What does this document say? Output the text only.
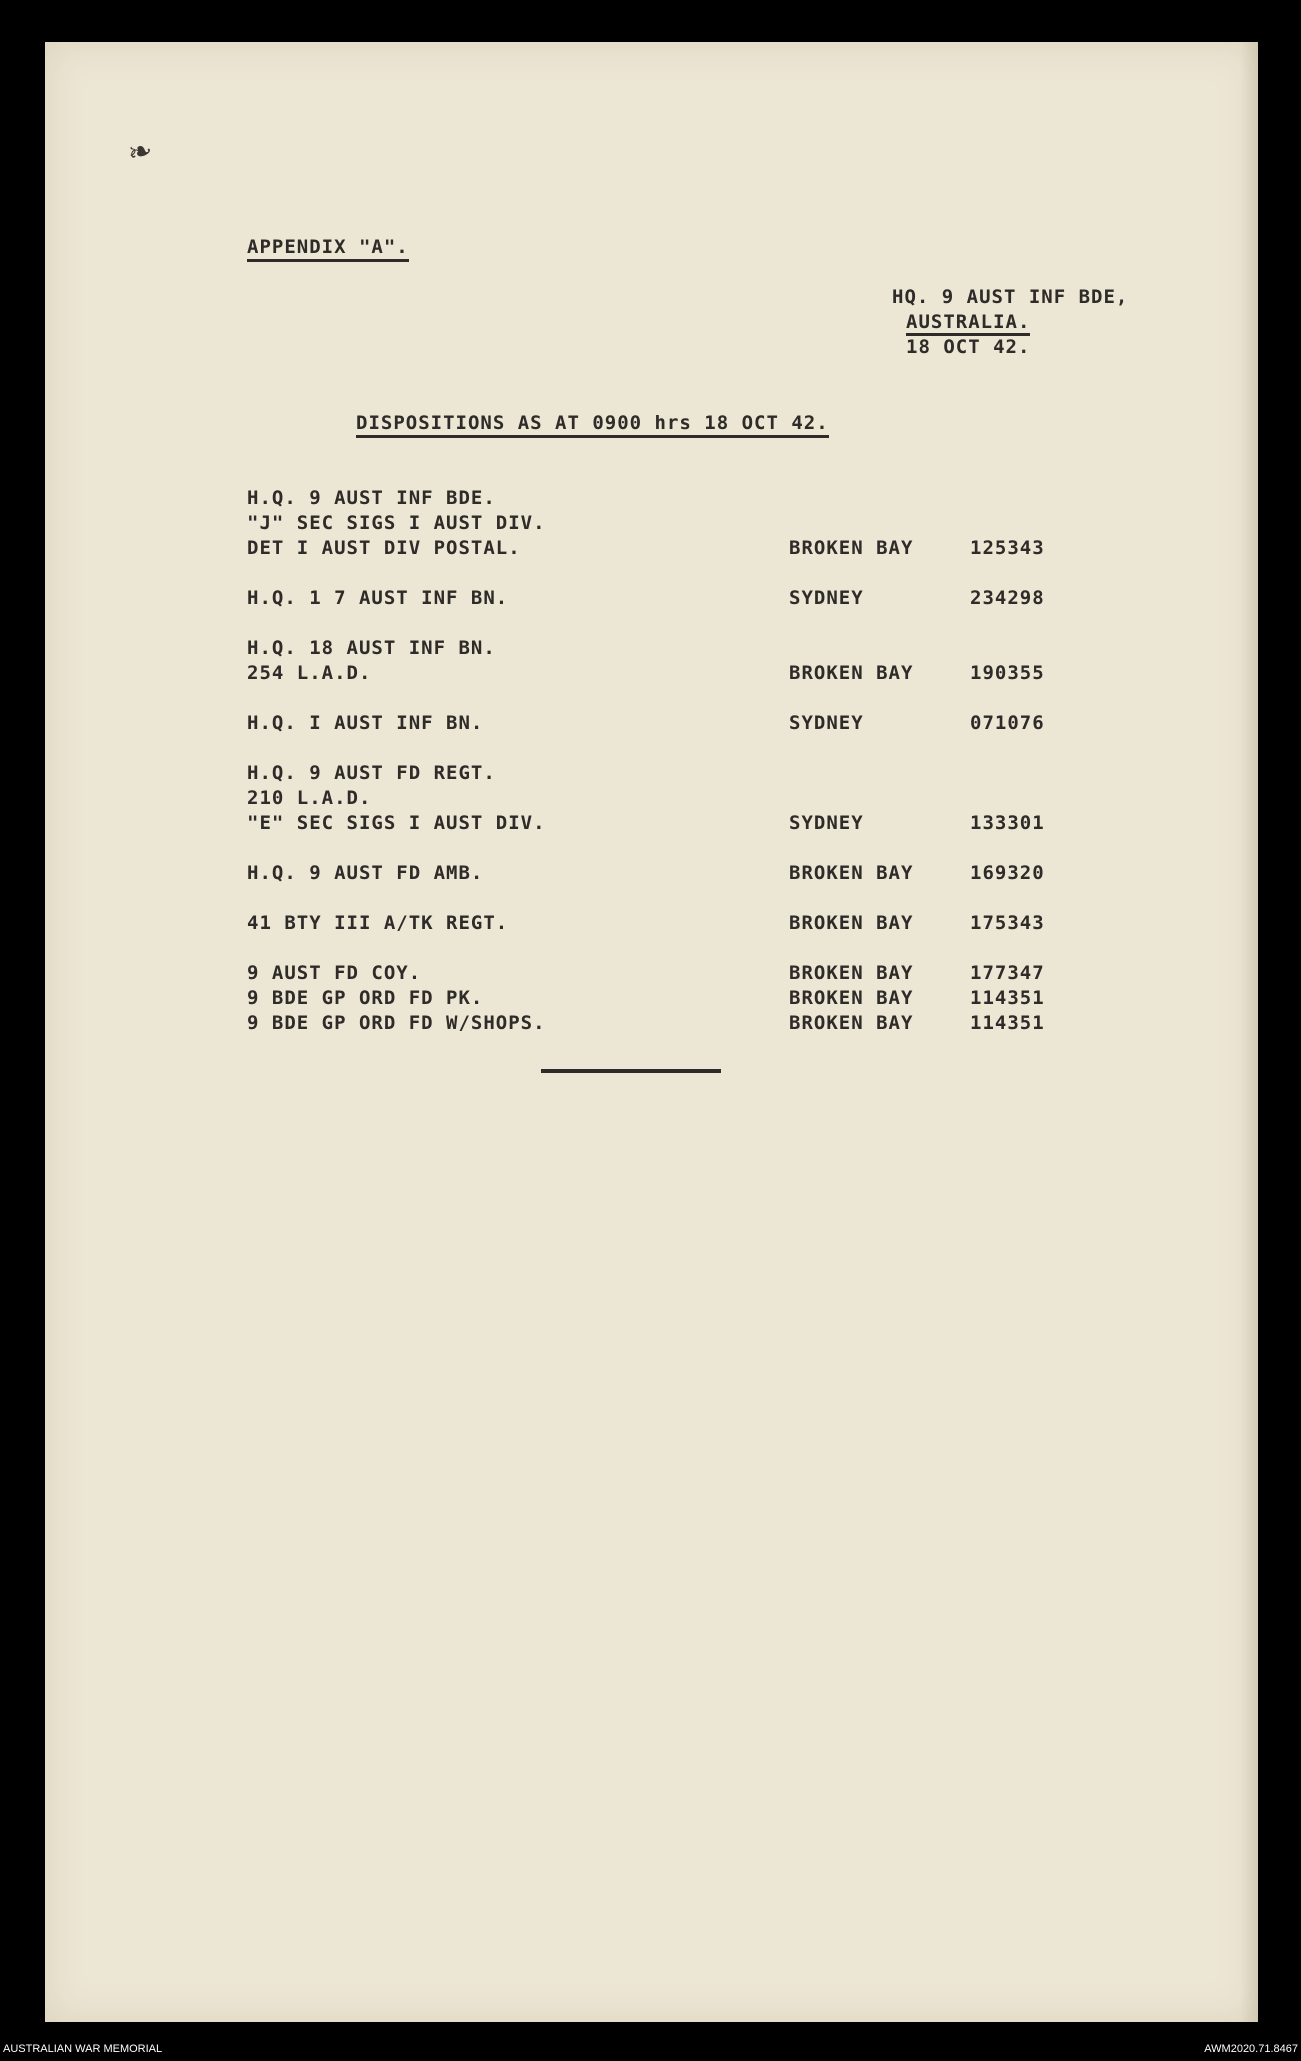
❧
APPENDIX "A".
HQ. 9 AUST INF BDE,
AUSTRALIA.
18 OCT 42.
DISPOSITIONS AS AT 0900 hrs 18 OCT 42.
H.Q. 9 AUST INF BDE.
"J" SEC SIGS I AUST DIV.
DET I AUST DIV POSTAL.	BROKEN BAY	125343
H.Q. 1 7 AUST INF BN.	SYDNEY	234298
H.Q. 18 AUST INF BN.
254 L.A.D.	BROKEN BAY	190355
H.Q. I AUST INF BN.	SYDNEY	071076
H.Q. 9 AUST FD REGT.
210 L.A.D.
"E" SEC SIGS I AUST DIV.	SYDNEY	133301
H.Q. 9 AUST FD AMB.	BROKEN BAY	169320
41 BTY III A/TK REGT.	BROKEN BAY	175343
9 AUST FD COY.	BROKEN BAY	177347
9 BDE GP ORD FD PK.	BROKEN BAY	114351
9 BDE GP ORD FD W/SHOPS.	BROKEN BAY	114351
AUSTRALIAN WAR MEMORIAL	AWM2020.71.8467
